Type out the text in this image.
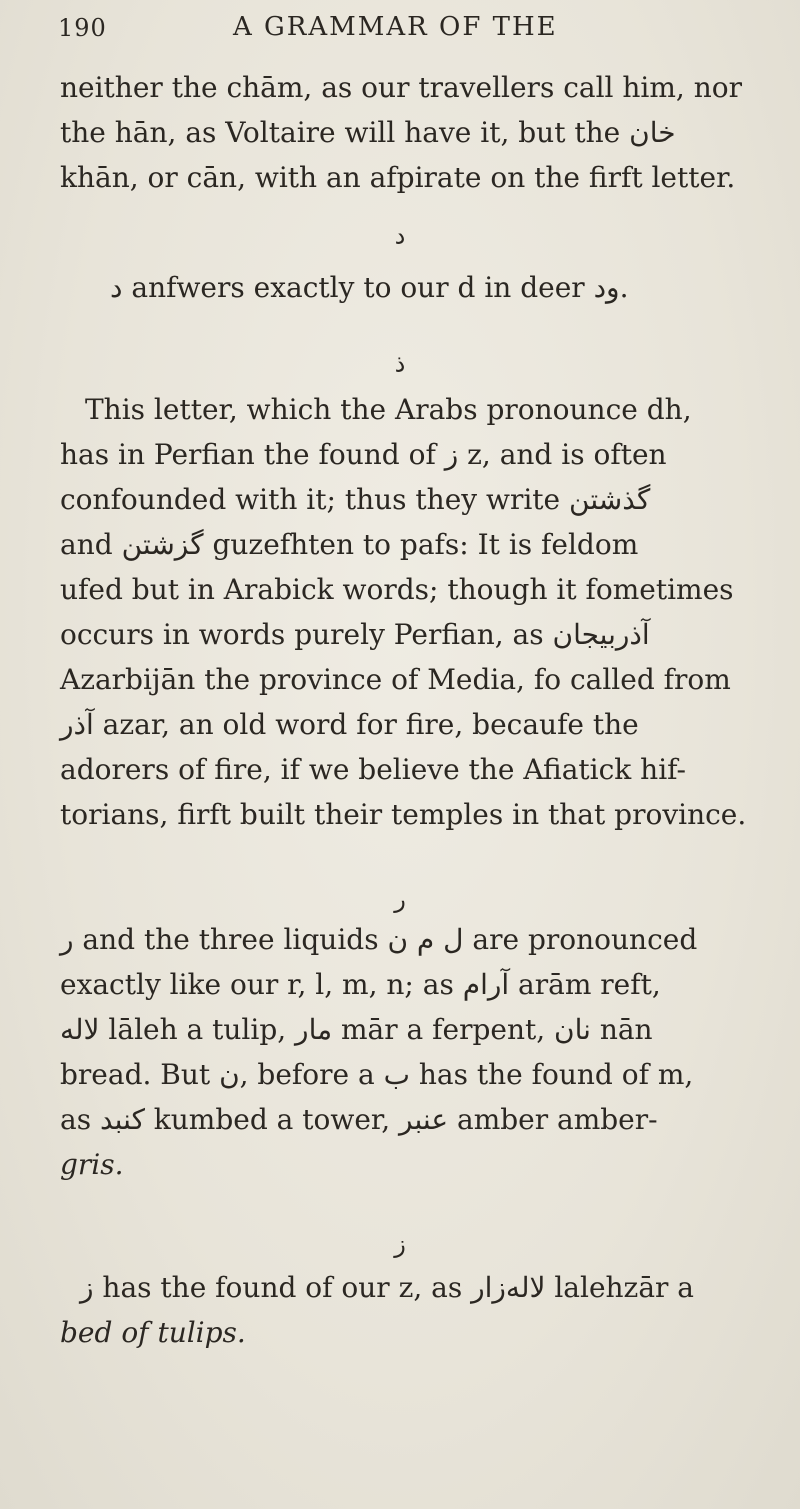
190	A GRAMMAR OF THE
neither the chām, as our travellers call him, nor
the hān, as Voltaire will have it, but the خان
khān, or cān, with an afpirate on the firft letter.
د
د anfwers exactly to our d in deer ود.
ذ
This letter, which the Arabs pronounce dh,
has in Perfian the found of ز z, and is often
confounded with it; thus they write گذشتن
and گزشتن guzefhten to pafs: It is feldom
ufed but in Arabick words; though it fometimes
occurs in words purely Perfian, as آذربیجان
Azarbijān the province of Media, fo called from
آذر azar, an old word for fire, becaufe the
adorers of fire, if we believe the Afiatick hif-
torians, firft built their temples in that province.
ر
ر and the three liquids ل م ن are pronounced
exactly like our r, l, m, n; as آرام arām reft,
لاله lāleh a tulip, مار mār a ferpent, نان nān
bread. But ن, before a ب has the found of m,
as کنبد kumbed a tower, عنبر amber amber-
gris.
ز
ز has the found of our z, as لاله‌زار lalehzār a
bed of tulips.
